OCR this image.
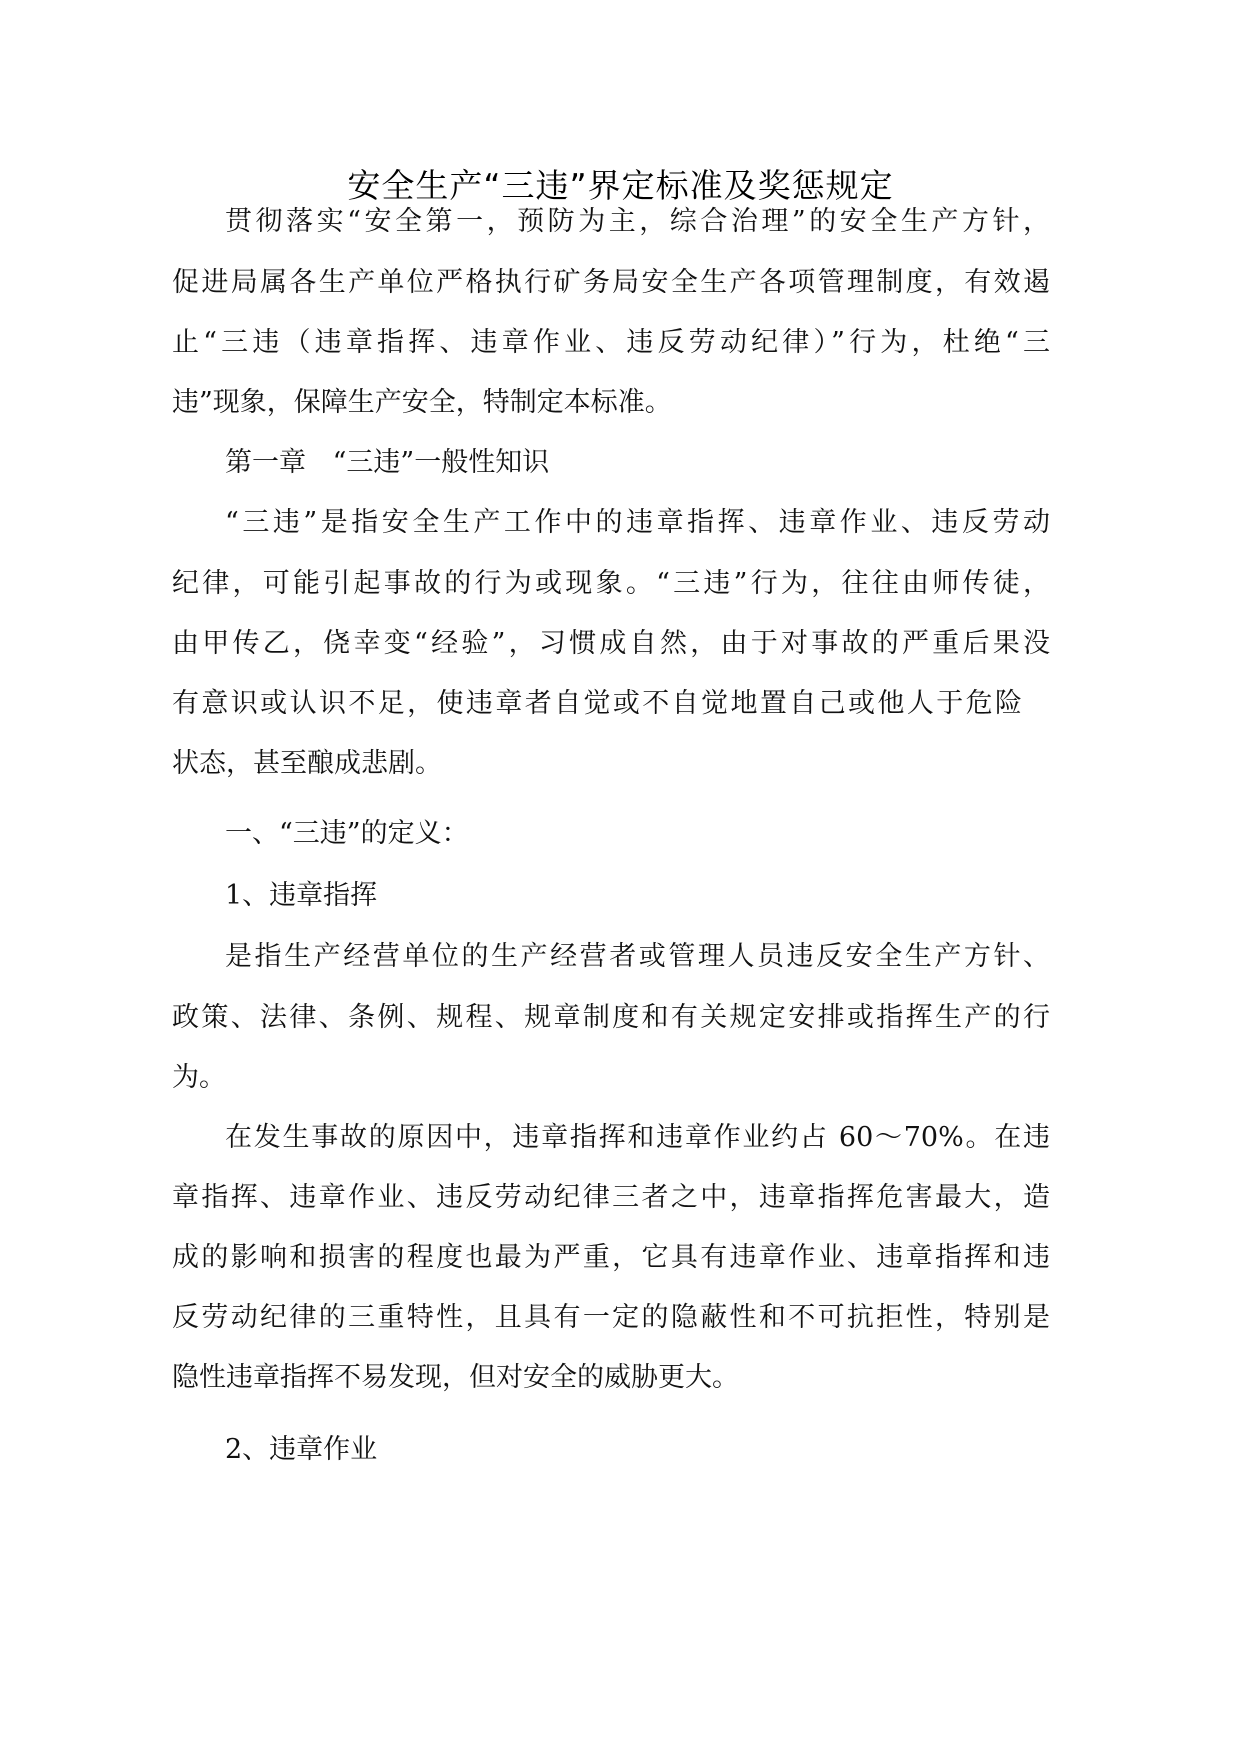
安全生产“三违”界定标准及奖惩规定
贯彻落实“安全第一，预防为主，综合治理”的安全生产方针，
促进局属各生产单位严格执行矿务局安全生产各项管理制度，有效遏
止“三违（违章指挥、违章作业、违反劳动纪律）”行为，杜绝“三
违”现象，保障生产安全，特制定本标准。
第一章 “三违”一般性知识
“三违”是指安全生产工作中的违章指挥、违章作业、违反劳动
纪律，可能引起事故的行为或现象。“三违”行为，往往由师传徒，
由甲传乙，侥幸变“经验”，习惯成自然，由于对事故的严重后果没
有意识或认识不足，使违章者自觉或不自觉地置自己或他人于危险
状态，甚至酿成悲剧。
一、“三违”的定义：
1、违章指挥
是指生产经营单位的生产经营者或管理人员违反安全生产方针、
政策、法律、条例、规程、规章制度和有关规定安排或指挥生产的行
为。
在发生事故的原因中，违章指挥和违章作业约占 60～70%。在违
章指挥、违章作业、违反劳动纪律三者之中，违章指挥危害最大，造
成的影响和损害的程度也最为严重，它具有违章作业、违章指挥和违
反劳动纪律的三重特性，且具有一定的隐蔽性和不可抗拒性，特别是
隐性违章指挥不易发现，但对安全的威胁更大。
2、违章作业
